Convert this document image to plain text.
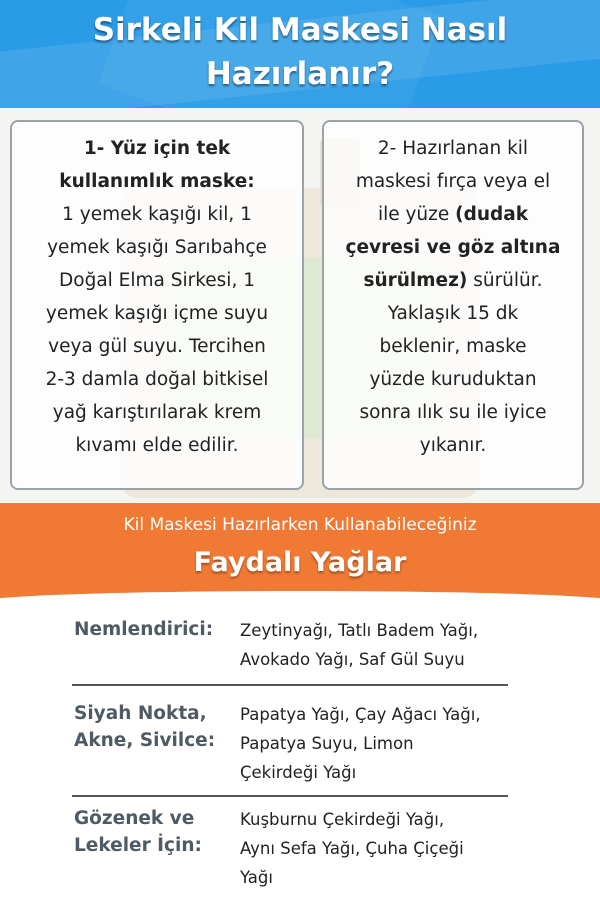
Sirkeli Kil Maskesi Nasıl
Hazırlanır?
1- Yüz için tek
kullanımlık maske:
1 yemek kaşığı kil, 1
yemek kaşığı Sarıbahçe
Doğal Elma Sirkesi, 1
yemek kaşığı içme suyu
veya gül suyu. Tercihen
2-3 damla doğal bitkisel
yağ karıştırılarak krem
kıvamı elde edilir.
2- Hazırlanan kil
maskesi fırça veya el
ile yüze (dudak
çevresi ve göz altına
sürülmez) sürülür.
Yaklaşık 15 dk
beklenir, maske
yüzde kuruduktan
sonra ılık su ile iyice
yıkanır.
Kil Maskesi Hazırlarken Kullanabileceğiniz
Faydalı Yağlar
Nemlendirici:	Zeytinyağı, Tatlı Badem Yağı,
Avokado Yağı, Saf Gül Suyu
Siyah Nokta,
Akne, Sivilce:
Papatya Yağı, Çay Ağacı Yağı,
Papatya Suyu, Limon
Çekirdeği Yağı
Gözenek ve
Lekeler İçin:
Kuşburnu Çekirdeği Yağı,
Aynı Sefa Yağı, Çuha Çiçeği
Yağı
